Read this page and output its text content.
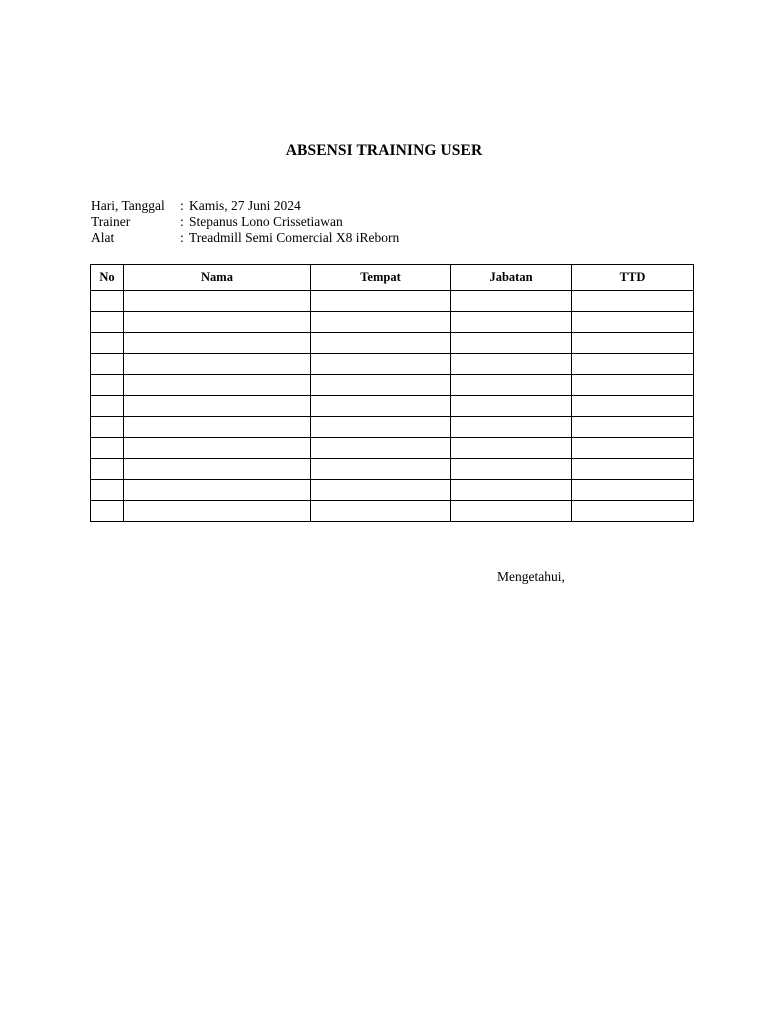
ABSENSI TRAINING USER
Hari, Tanggal : Kamis, 27 Juni 2024
Trainer	: Stepanus Lono Crissetiawan
Alat	: Treadmill Semi Comercial X8 iReborn
No	Nama	Tempat	Jabatan	TTD

Mengetahui,
